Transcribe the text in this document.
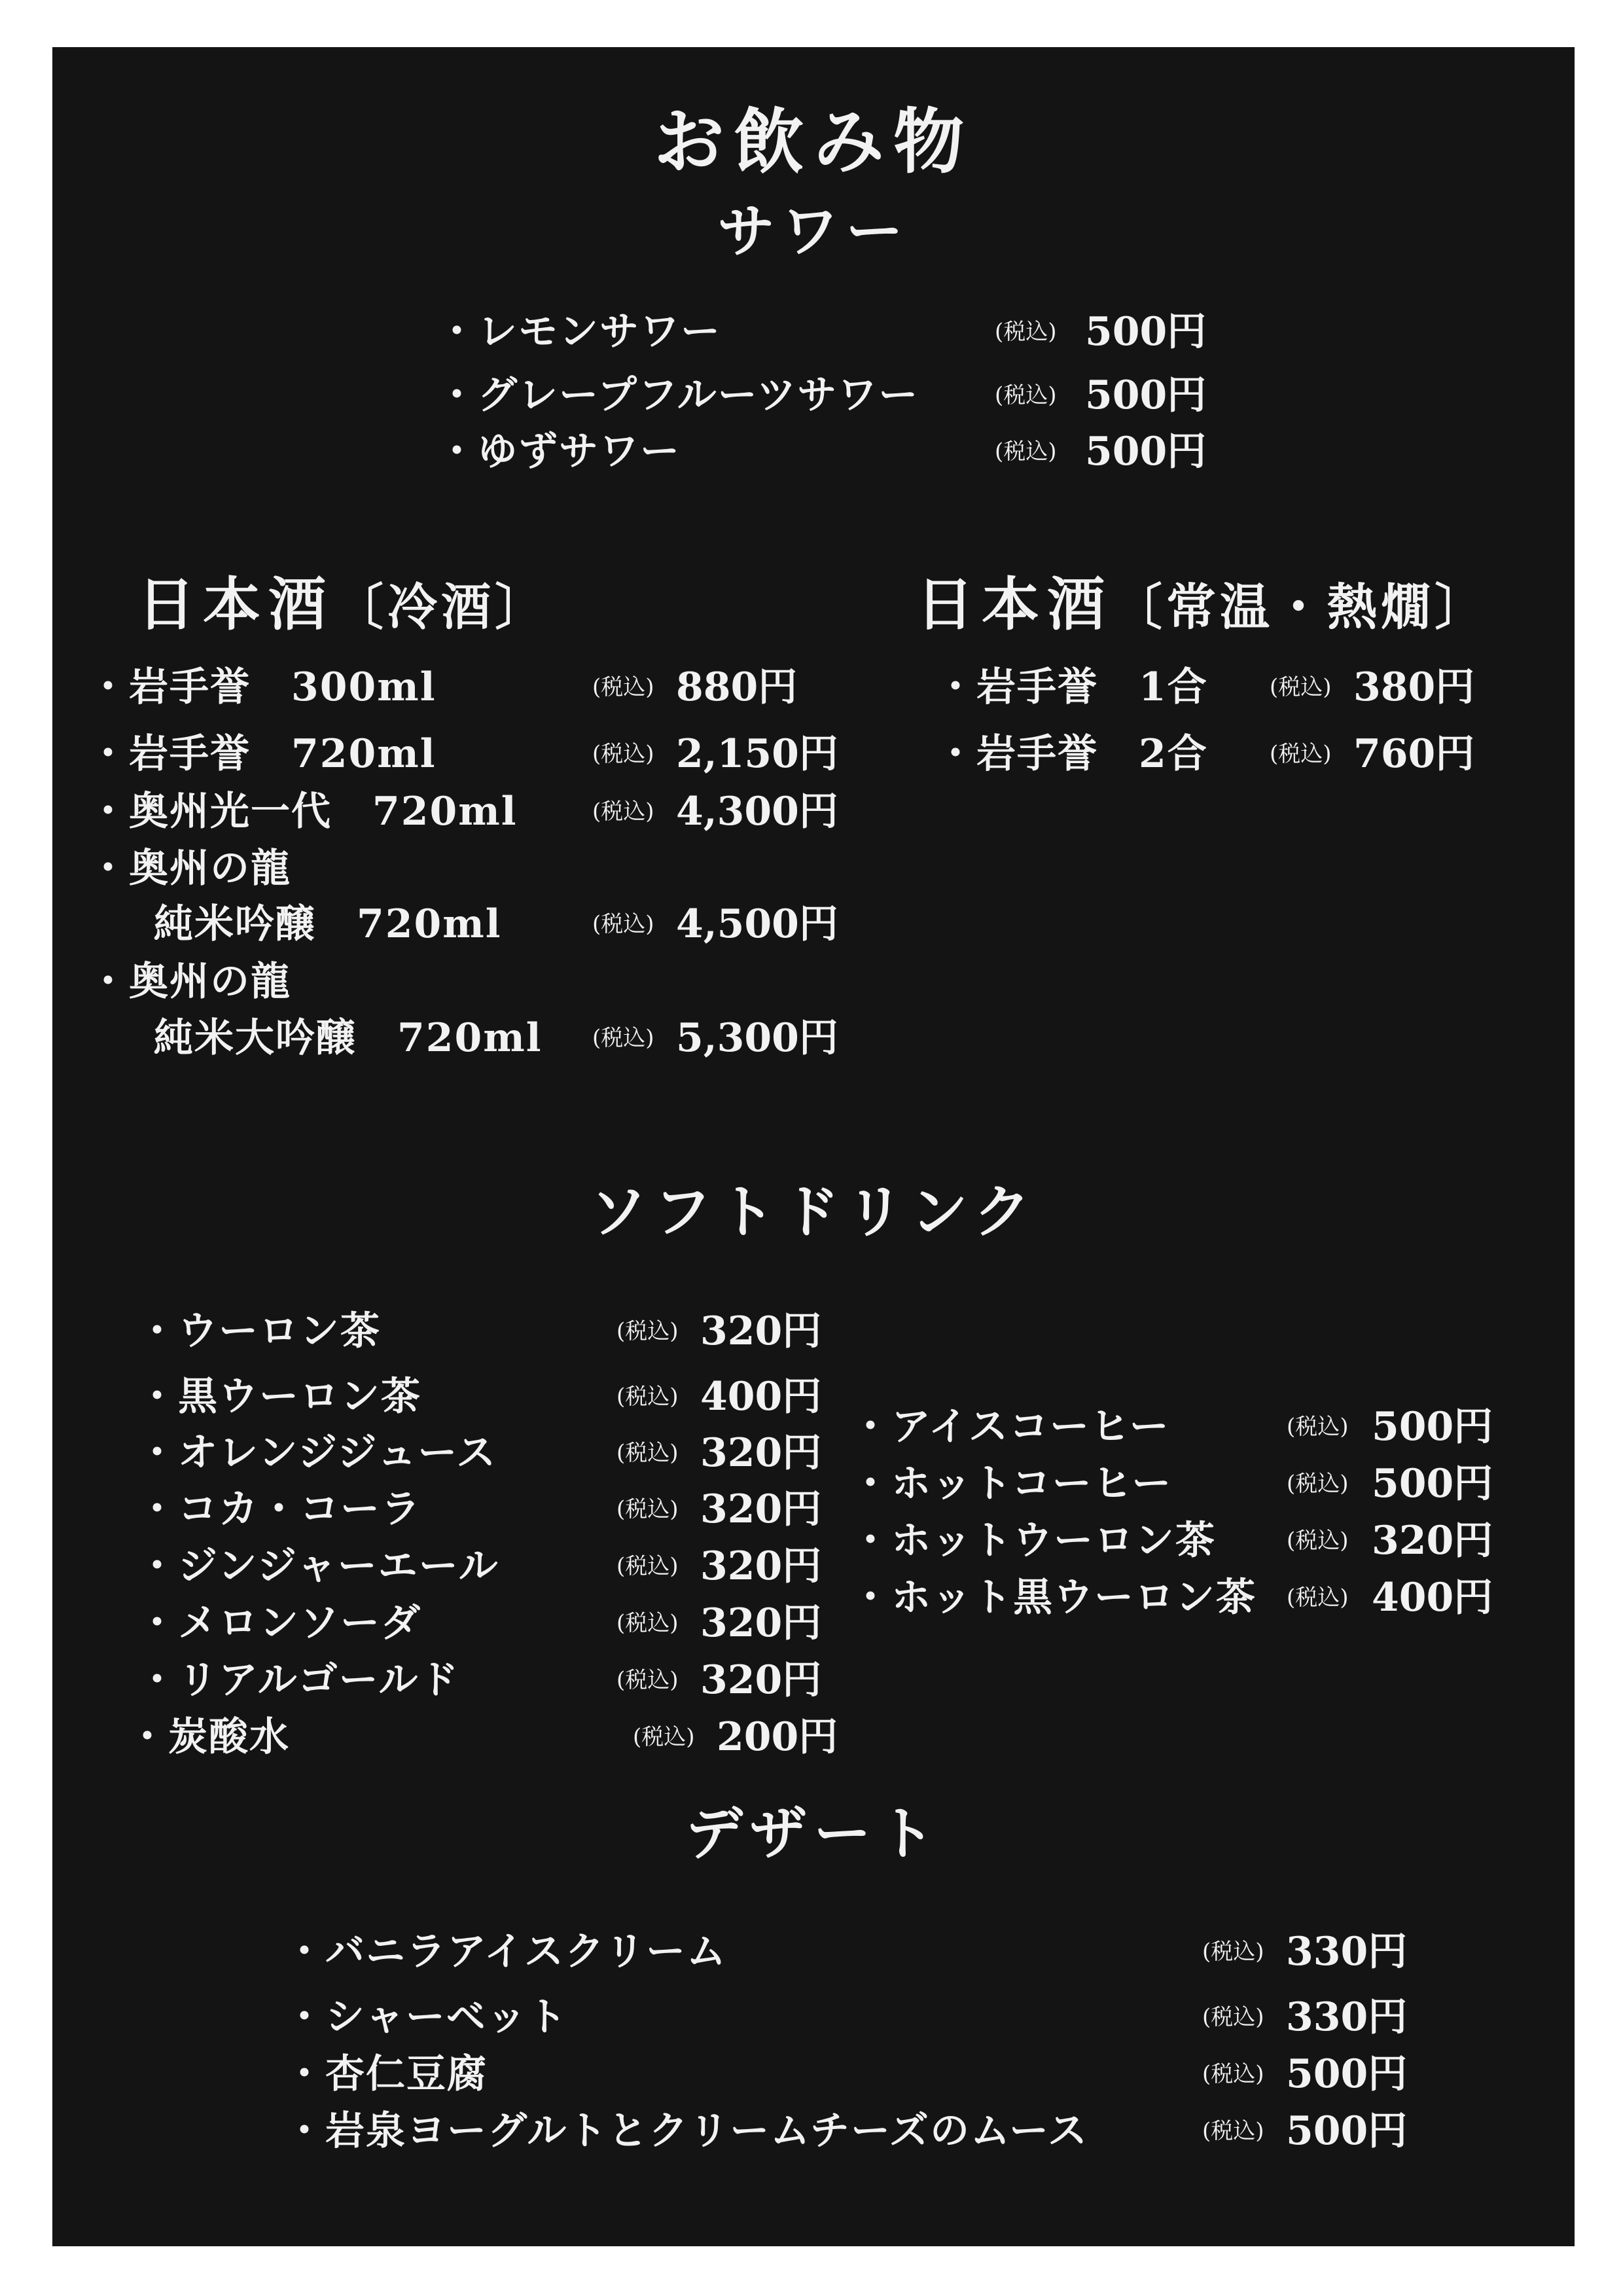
お飲み物
サワー
・レモンサワー	(税込) 500円
・グレープフルーツサワー	(税込) 500円
・ゆずサワー	(税込) 500円
日本酒〔冷酒〕
・岩手誉　300ml	(税込) 880円
・岩手誉　720ml	(税込) 2,150円
・奥州光一代　720ml	(税込) 4,300円
・奥州の龍
純米吟醸　720ml	(税込) 4,500円
・奥州の龍
純米大吟醸　720ml (税込) 5,300円
日本酒〔常温・熱燗〕
・岩手誉　1合	(税込) 380円
・岩手誉　2合	(税込) 760円
ソフトドリンク
・ウーロン茶	(税込) 320円
・黒ウーロン茶	(税込) 400円
・オレンジジュース	(税込) 320円
・コカ・コーラ	(税込) 320円
・ジンジャーエール	(税込) 320円
・メロンソーダ	(税込) 320円
・リアルゴールド	(税込) 320円
・炭酸水	(税込) 200円
・アイスコーヒー	(税込) 500円
・ホットコーヒー	(税込) 500円
・ホットウーロン茶	(税込) 320円
・ホット黒ウーロン茶 (税込) 400円
デザート
・バニラアイスクリーム	(税込) 330円
・シャーベット	(税込) 330円
・杏仁豆腐	(税込) 500円
・岩泉ヨーグルトとクリームチーズのムース	(税込) 500円
